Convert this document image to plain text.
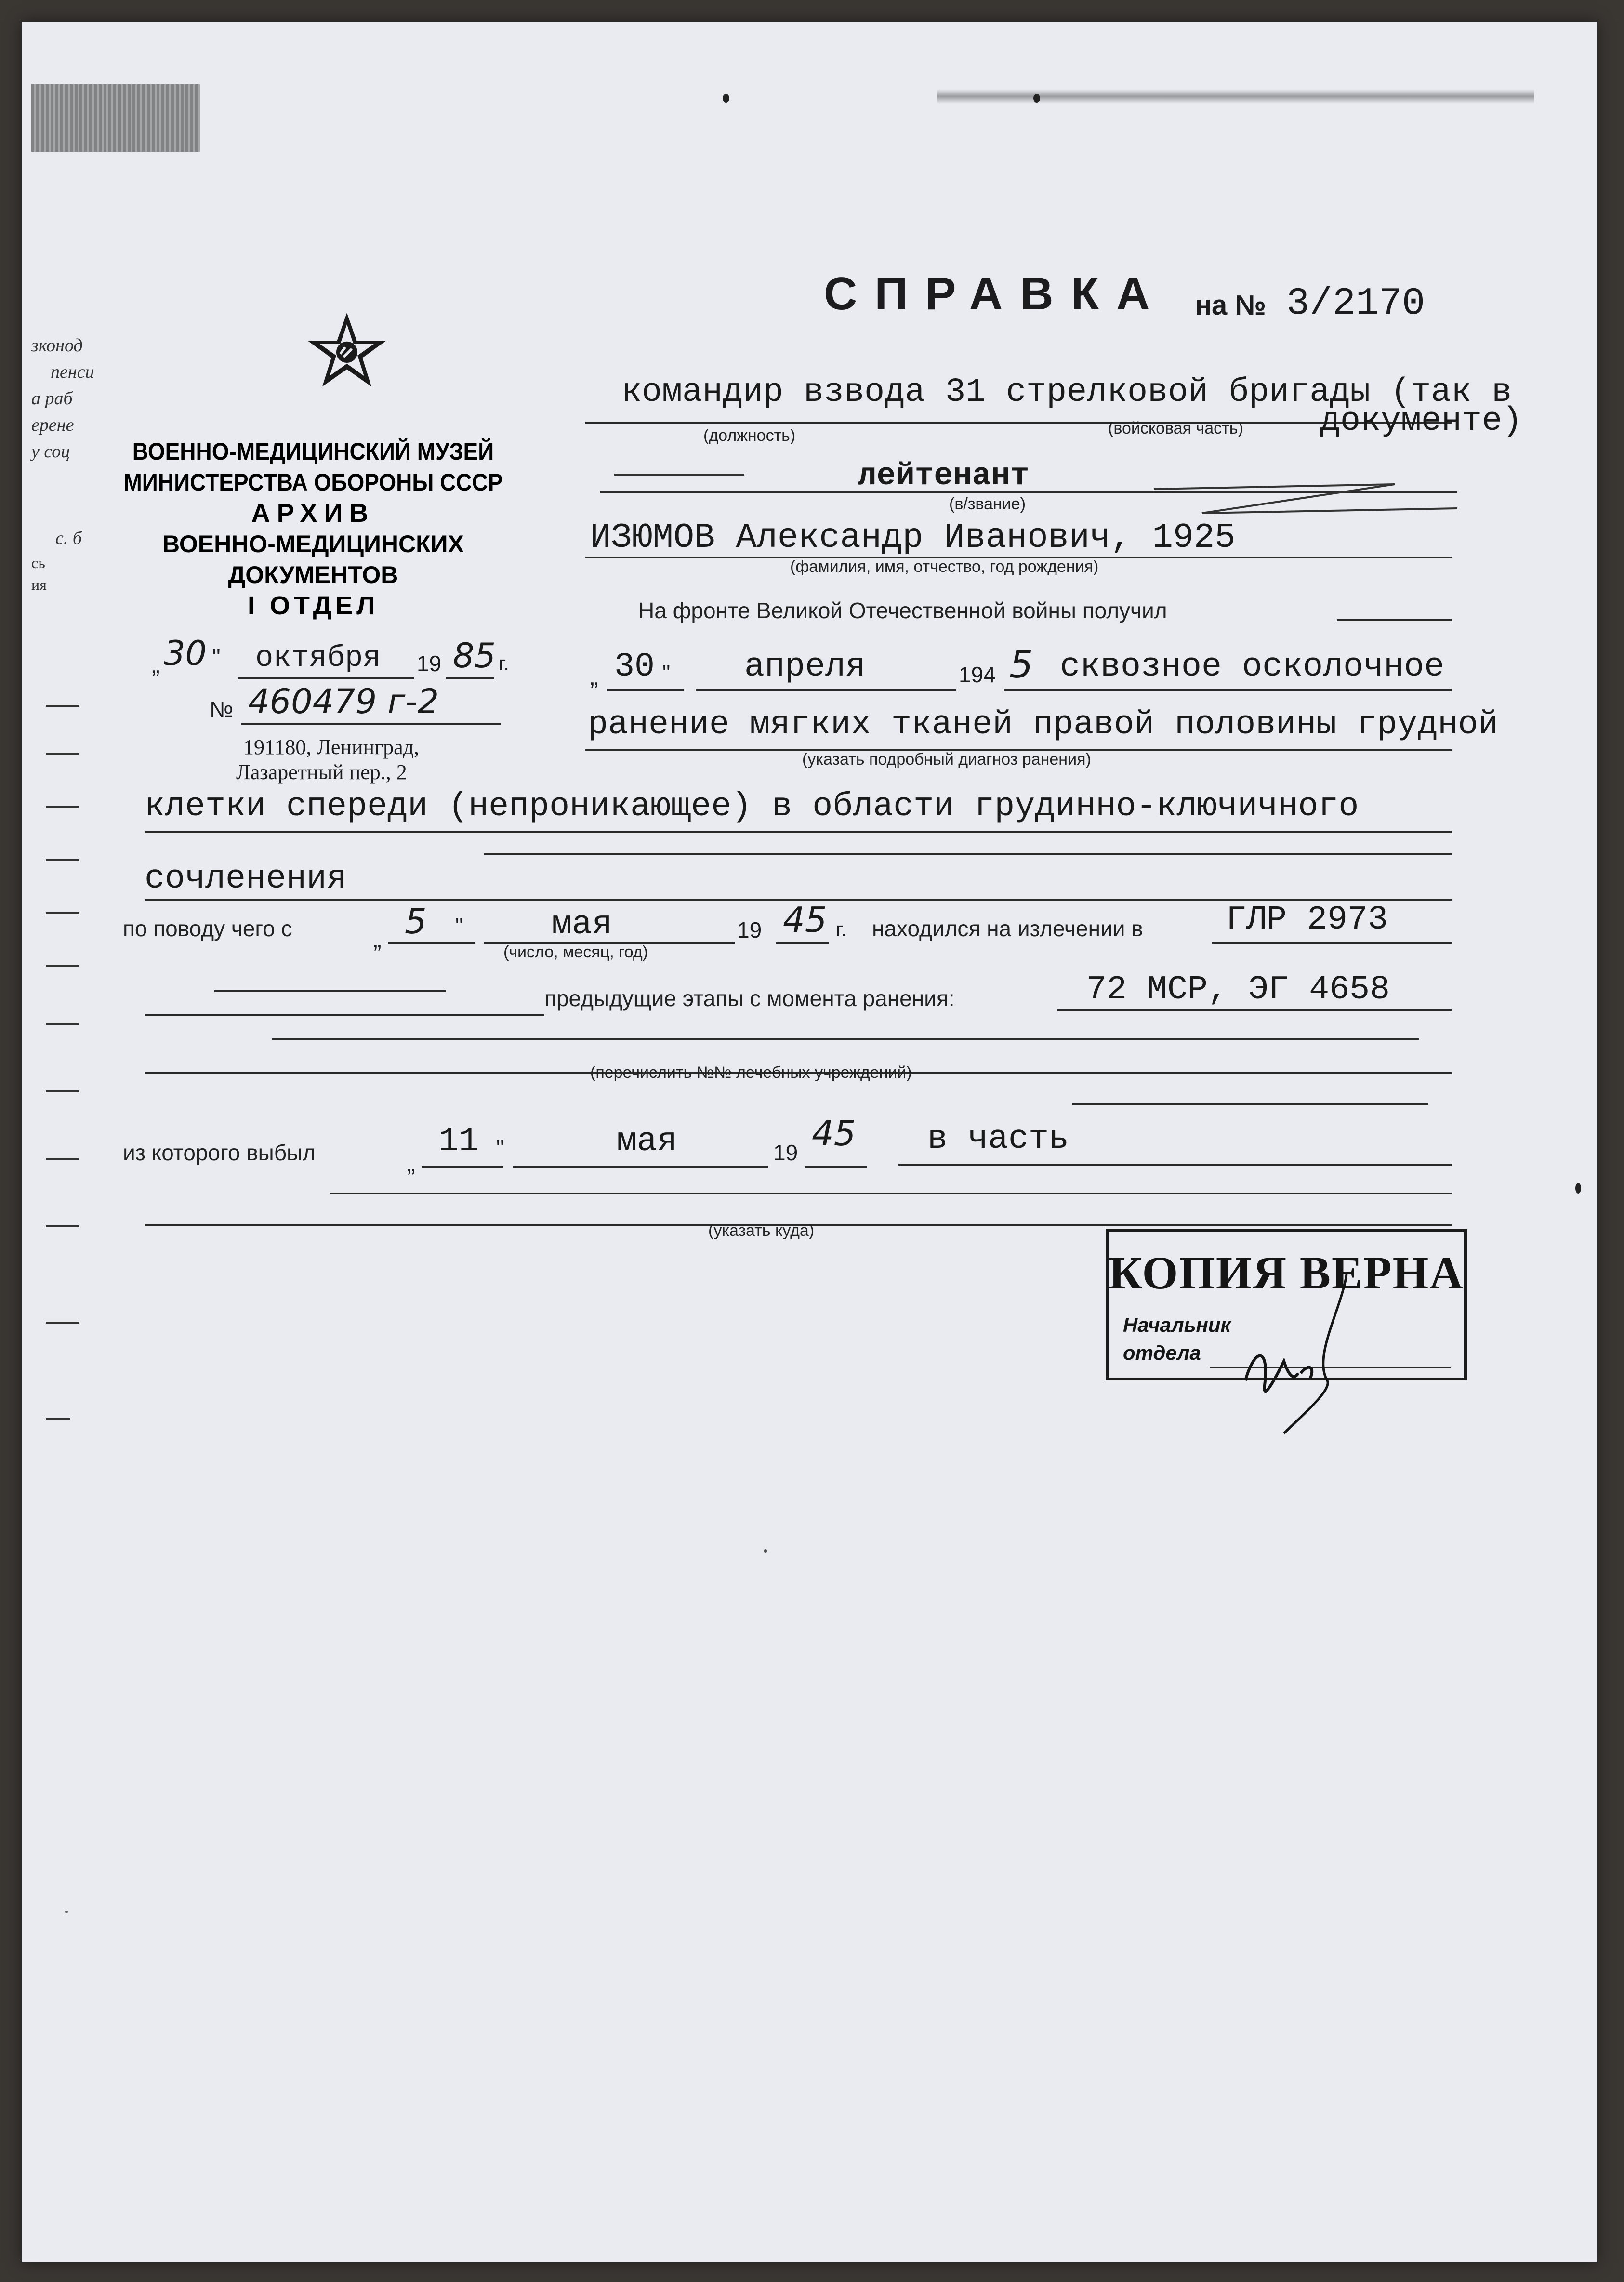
зконод
пенси
а раб
ерене
у соц
с. б
сь
ия
СПРАВКА на № 3/2170
ВОЕННО-МЕДИЦИНСКИЙ МУЗЕЙ
МИНИСТЕРСТВА ОБОРОНЫ СССР
АРХИВ
ВОЕННО-МЕДИЦИНСКИХ
ДОКУМЕНТОВ
I ОТДЕЛ
„ 30 " октября 19 85 г.
№ 460479 г-2
191180, Ленинград,
Лазаретный пер., 2
командир взвода 31 стрелковой бригады (так в
документе)
(должность)	(войсковая часть)
лейтенант
(в/звание)
ИЗЮМОВ Александр Иванович, 1925
(фамилия, имя, отчество, год рождения)
На фронте Великой Отечественной войны получил
„ 30 " апреля	194 5 сквозное осколочное
ранение мягких тканей правой половины грудной
(указать подробный диагноз ранения)
клетки спереди (непроникающее) в области грудинно-ключичного
сочленения
по поводу чего с	„ 5 "	мая
(число, месяц, год)
19 45 г. находился на излечении в ГЛР 2973
предыдущие этапы с момента ранения:	72 МСР, ЭГ 4658
(перечислить №№ лечебных учреждений)
из которого выбыл	„
11 "	мая	19 45 в часть
(указать куда)
КОПИЯ ВЕРНА
Начальник
отдела
